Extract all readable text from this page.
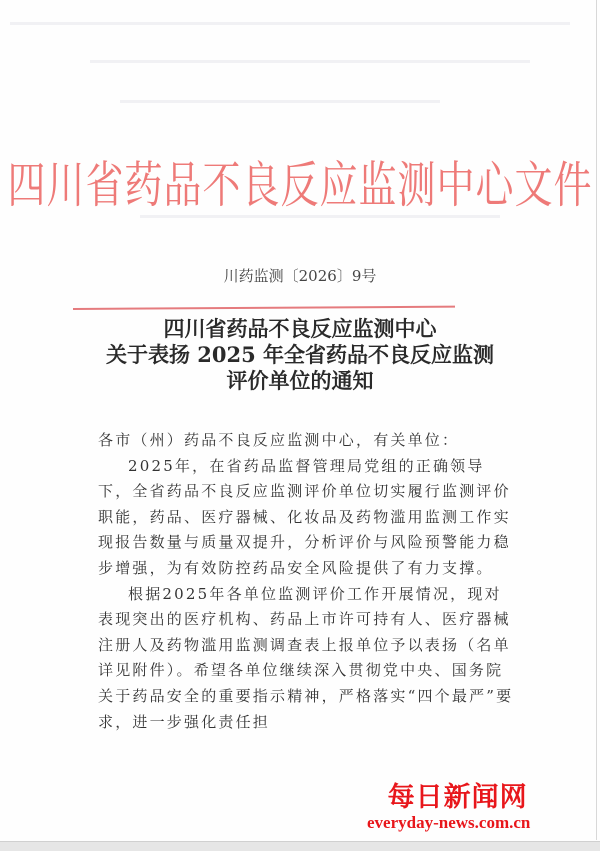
四川省药品不良反应监测中心文件
川药监测〔2026〕9号
四川省药品不良反应监测中心
关于表扬 2025 年全省药品不良反应监测
评价单位的通知

各市（州）药品不良反应监测中心，有关单位：

2025年，在省药品监督管理局党组的正确领导下，全省药品不良反应监测评价单位切实履行监测评价职能，药品、医疗器械、化妆品及药物滥用监测工作实现报告数量与质量双提升，分析评价与风险预警能力稳步增强，为有效防控药品安全风险提供了有力支撑。

根据2025年各单位监测评价工作开展情况，现对表现突出的医疗机构、药品上市许可持有人、医疗器械注册人及药物滥用监测调查表上报单位予以表扬（名单详见附件）。希望各单位继续深入贯彻党中央、国务院关于药品安全的重要指示精神，严格落实“四个最严”要求，进一步强化责任担

每日新闻网
everyday-news.com.cn
